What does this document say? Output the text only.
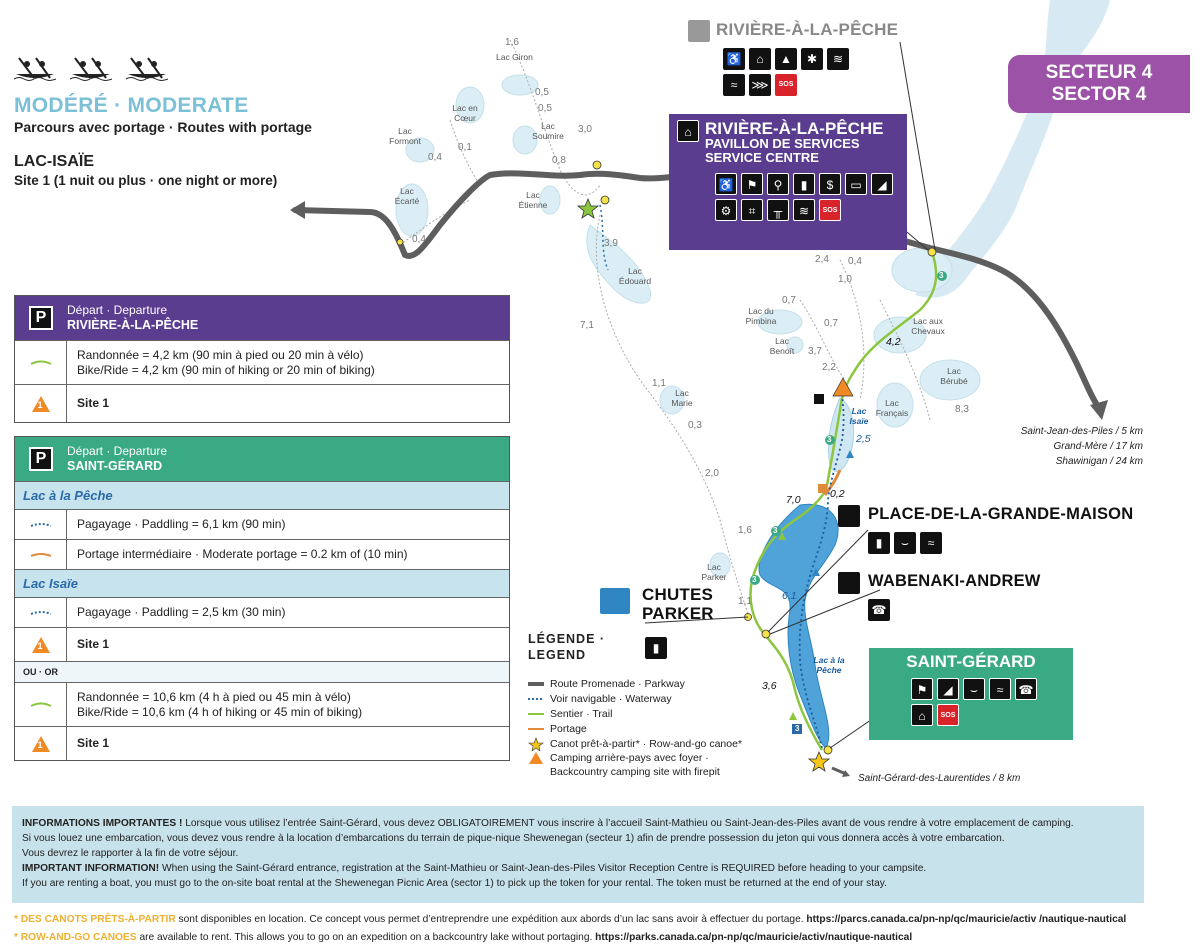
3
3
3
3
3
MODÉRÉ · MODERATE
Parcours avec portage · Routes with portage
LAC-ISAÏE
Site 1 (1 nuit ou plus · one night or more)
SECTEUR 4
SECTOR 4
P	Départ · Departure
RIVIÈRE-À-LA-PÊCHE
Randonnée = 4,2 km (90 min à pied ou 20 min à vélo)
Bike/Ride = 4,2 km (90 min of hiking or 20 min of biking)
1	Site 1
P	Départ · Departure
SAINT-GÉRARD
Lac à la Pêche
Pagayage · Paddling = 6,1 km (90 min)
Portage intermédiaire · Moderate portage = 0.2 km of (10 min)
Lac Isaïe
Pagayage · Paddling = 2,5 km (30 min)
1	Site 1
OU · OR
Randonnée = 10,6 km (4 h à pied ou 45 min à vélo)
Bike/Ride = 10,6 km (4 h of hiking or 45 min of biking)
1	Site 1
Lac Giron
Lac en Cœur
Lac Formont
Lac Soumire
Lac Écarté
Lac Étienne
Lac Édouard
Lac du Pimbina
Lac Benoît
Lac aux Chevaux
Lac Bérubé
Lac Français
Lac Marie
Lac Parker
Lac Isaïe
Lac à la Pêche
1,6
0,5
0,5
3,0
0,8
0,4
0,1
0,4	3,9
7,1
1,1
0,3
2,0
1,6
1,1
2,4 0,4
1,0
0,7
0,7
3,7
2,2
8,3
4,2
2,5
7,0	0,2
6,1
3,6
RIVIÈRE-À-LA-PÊCHE
♿	⌂	▲	✱	≋
≈	⋙	SOS
⌂ RIVIÈRE-À-LA-PÊCHE
PAVILLON DE SERVICES
SERVICE CENTRE
♿	⚑	⚲	▮	$	▭	◢
⚙	⌗	╥	≋	SOS
PLACE-DE-LA-GRANDE-MAISON
▮	⌣	≈
WABENAKI-ANDREW
☎
CHUTES
PARKER
▮
SAINT-GÉRARD
⚑	◢	⌣	≈	☎
⌂	SOS
LÉGENDE ·
LEGEND
Route Promenade · Parkway
Voir navigable · Waterway
Sentier · Trail
Portage
Canot prêt-à-partir* · Row-and-go canoe*
Camping arrière-pays avec foyer ·
Backcountry camping site with firepit
Saint-Jean-des-Piles / 5 km
Grand-Mère / 17 km
Shawinigan / 24 km
Saint-Gérard-des-Laurentides / 8 km
INFORMATIONS IMPORTANTES ! Lorsque vous utilisez l’entrée Saint-Gérard, vous devez OBLIGATOIREMENT vous inscrire à l’accueil Saint-Mathieu ou Saint-Jean-des-Piles avant de vous rendre à votre emplacement de camping.
Si vous louez une embarcation, vous devez vous rendre à la location d’embarcations du terrain de pique-nique Shewenegan (secteur 1) afin de prendre possession du jeton qui vous donnera accès à votre embarcation.
Vous devrez le rapporter à la fin de votre séjour.
IMPORTANT INFORMATION! When using the Saint-Gérard entrance, registration at the Saint-Mathieu or Saint-Jean-des-Piles Visitor Reception Centre is REQUIRED before heading to your campsite.
If you are renting a boat, you must go to the on-site boat rental at the Shewenegan Picnic Area (sector 1) to pick up the token for your rental. The token must be returned at the end of your stay.
* DES CANOTS PRÊTS-À-PARTIR sont disponibles en location. Ce concept vous permet d’entreprendre une expédition aux abords d’un lac sans avoir à effectuer du portage. https://parcs.canada.ca/pn-np/qc/mauricie/activ /nautique-nautical
* ROW-AND-GO CANOES are available to rent. This allows you to go on an expedition on a backcountry lake without portaging. https://parks.canada.ca/pn-np/qc/mauricie/activ/nautique-nautical
